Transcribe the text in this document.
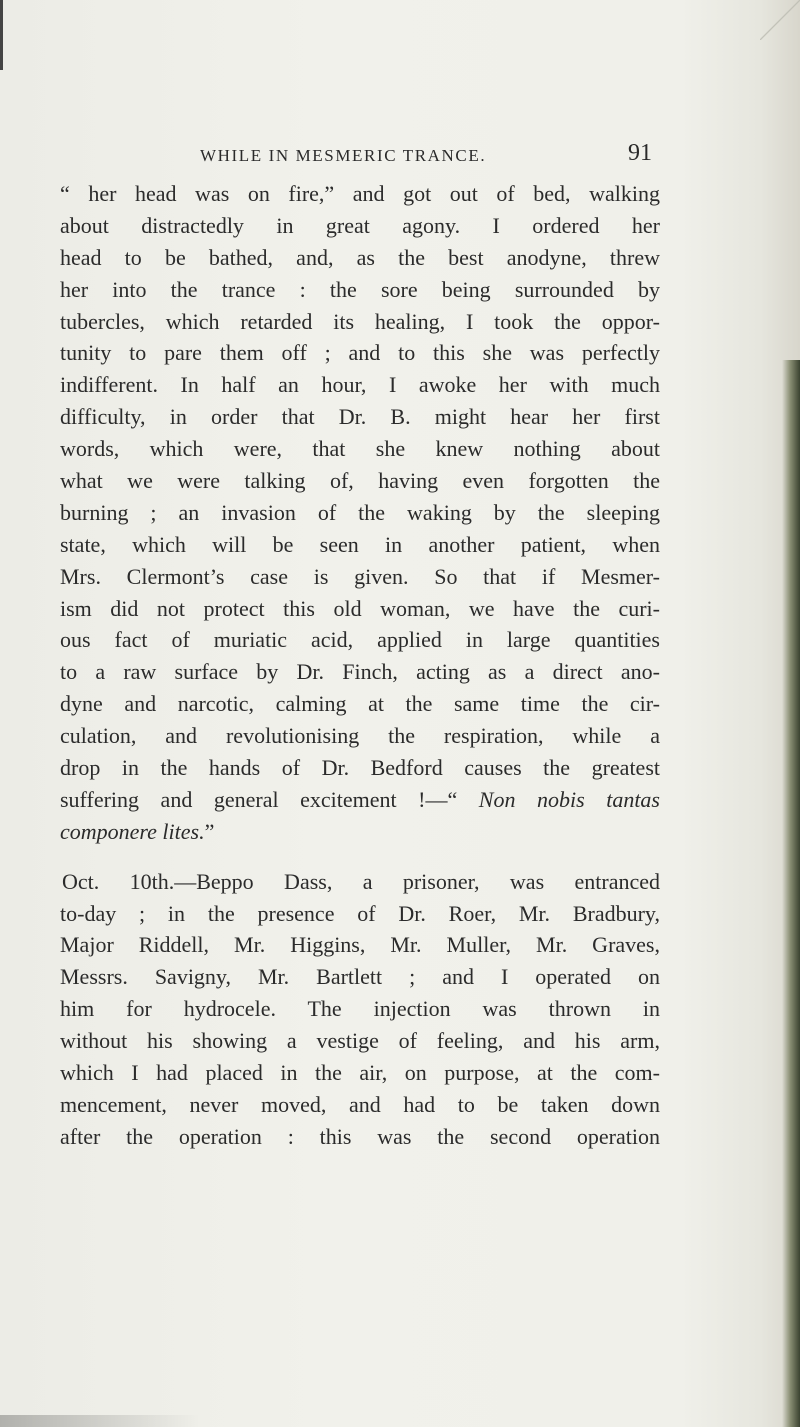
WHILE IN MESMERIC TRANCE.	91
“ her head was on fire,” and got out of bed, walking
about distractedly in great agony. I ordered her
head to be bathed, and, as the best anodyne, threw
her into the trance : the sore being surrounded by
tubercles, which retarded its healing, I took the oppor-
tunity to pare them off ; and to this she was perfectly
indifferent. In half an hour, I awoke her with much
difficulty, in order that Dr. B. might hear her first
words, which were, that she knew nothing about
what we were talking of, having even forgotten the
burning ; an invasion of the waking by the sleeping
state, which will be seen in another patient, when
Mrs. Clermont’s case is given. So that if Mesmer-
ism did not protect this old woman, we have the curi-
ous fact of muriatic acid, applied in large quantities
to a raw surface by Dr. Finch, acting as a direct ano-
dyne and narcotic, calming at the same time the cir-
culation, and revolutionising the respiration, while a
drop in the hands of Dr. Bedford causes the greatest
suffering and general excitement !—“ Non nobis tantas
componere lites.”
Oct. 10th.—Beppo Dass, a prisoner, was entranced
to-day ; in the presence of Dr. Roer, Mr. Bradbury,
Major Riddell, Mr. Higgins, Mr. Muller, Mr. Graves,
Messrs. Savigny, Mr. Bartlett ; and I operated on
him for hydrocele. The injection was thrown in
without his showing a vestige of feeling, and his arm,
which I had placed in the air, on purpose, at the com-
mencement, never moved, and had to be taken down
after the operation : this was the second operation
